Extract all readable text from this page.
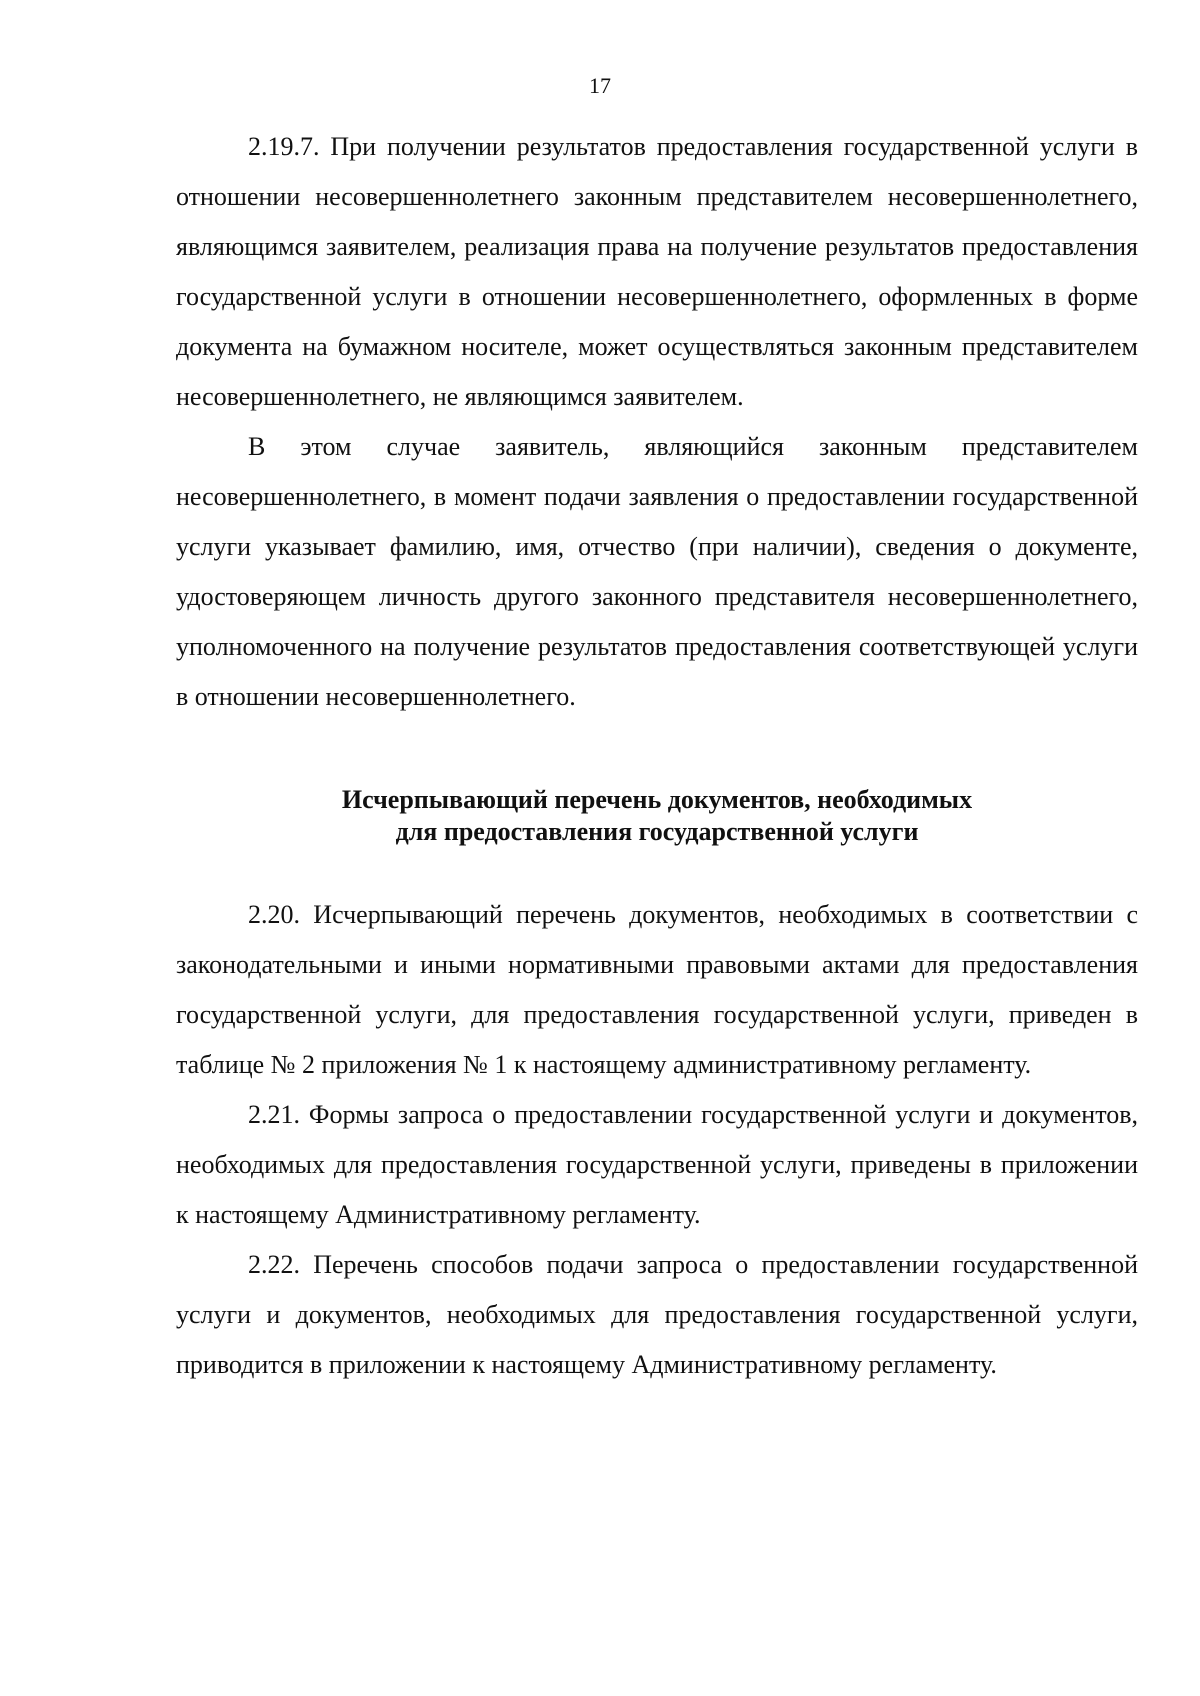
17

2.19.7. При получении результатов предоставления государственной услуги в отношении несовершеннолетнего законным представителем несовершеннолетнего, являющимся заявителем, реализация права на получение результатов предоставления государственной услуги в отношении несовершеннолетнего, оформленных в форме документа на бумажном носителе, может осуществляться законным представителем несовершеннолетнего, не являющимся заявителем.

В этом случае заявитель, являющийся законным представителем несовершеннолетнего, в момент подачи заявления о предоставлении государственной услуги указывает фамилию, имя, отчество (при наличии), сведения о документе, удостоверяющем личность другого законного представителя несовершеннолетнего, уполномоченного на получение результатов предоставления соответствующей услуги в отношении несовершеннолетнего.

Исчерпывающий перечень документов, необходимых
для предоставления государственной услуги

2.20. Исчерпывающий перечень документов, необходимых в соответствии с законодательными и иными нормативными правовыми актами для предоставления государственной услуги, для предоставления государственной услуги, приведен в таблице № 2 приложения № 1 к настоящему административному регламенту.

2.21. Формы запроса о предоставлении государственной услуги и документов, необходимых для предоставления государственной услуги, приведены в приложении к настоящему Административному регламенту.

2.22. Перечень способов подачи запроса о предоставлении государственной услуги и документов, необходимых для предоставления государственной услуги, приводится в приложении к настоящему Административному регламенту.
